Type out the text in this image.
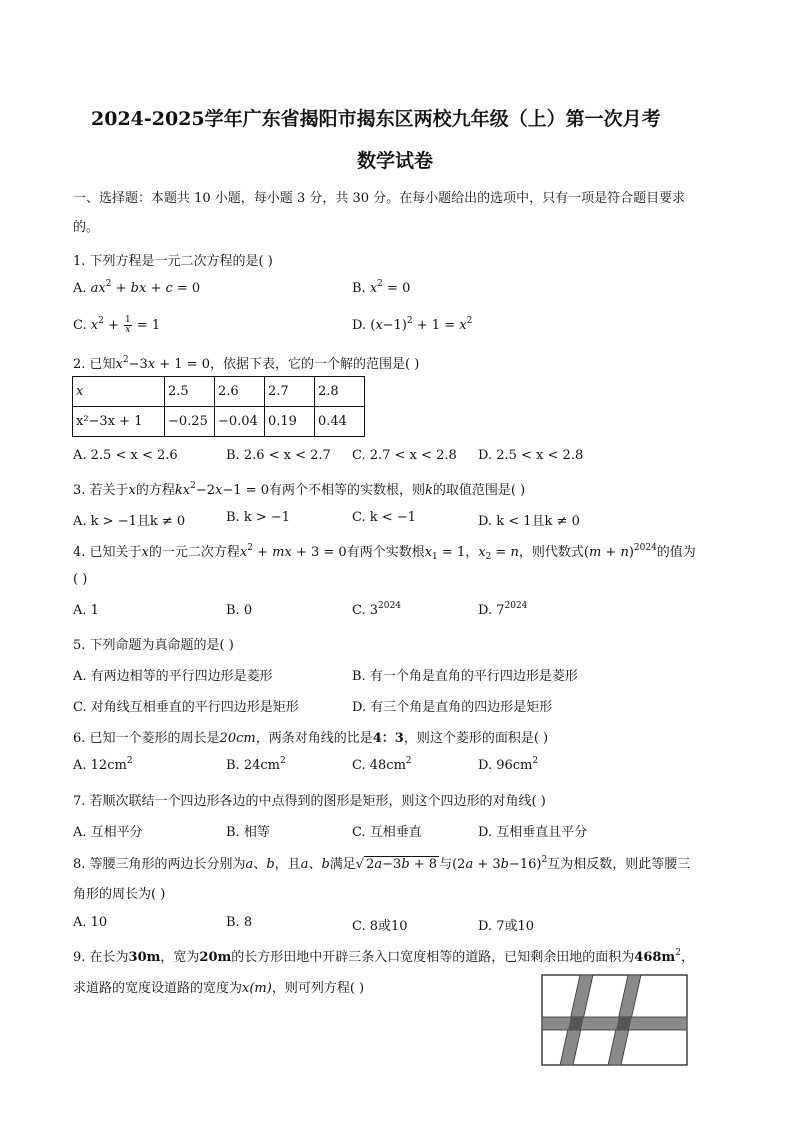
2024-2025学年广东省揭阳市揭东区两校九年级（上）第一次月考
数学试卷
一、选择题：本题共 10 小题，每小题 3 分，共 30 分。在每小题给出的选项中，只有一项是符合题目要求
的。
1. 下列方程是一元二次方程的是( )
A. $ax^2$ + bx + c = 0	B. $x^2 = 0$
C. $x^2 + \frac{1}{x} = 1$	D. $(x-1)^2 + 1 = x^2$
2. 已知$x^2-3x + 1 = 0$，依据下表，它的一个解的范围是( )
x	2.5	2.6	2.7	2.8
x²−3x + 1	−0.25	−0.04	0.19	0.44
A. 2.5 < x < 2.6	B. 2.6 < x < 2.7 C. 2.7 < x < 2.8 D. 2.5 < x < 2.8
3. 若关于x的方程$kx^2-2x-1 = 0$有两个不相等的实数根，则k的取值范围是( )
A. k > −1且k ≠ 0	B. k > −1	C. k < −1	D. k < 1且k ≠ 0
4. 已知关于x的一元二次方程$x^2$ + mx + 3 = 0有两个实数根$x_1 = 1$，$x_2 = n$，则代数式$(m + n)^{2024}$的值为
( )
A. 1	B. 0	C. $3^{2024}$	D. $7^{2024}$
5. 下列命题为真命题的是( )
A. 有两边相等的平行四边形是菱形	B. 有一个角是直角的平行四边形是菱形
C. 对角线互相垂直的平行四边形是矩形	D. 有三个角是直角的四边形是矩形
6. 已知一个菱形的周长是20cm，两条对角线的比是4：3，则这个菱形的面积是( )
A. $12cm^2$	B. $24cm^2$	C. $48cm^2$	D. $96cm^2$
7. 若顺次联结一个四边形各边的中点得到的图形是矩形，则这个四边形的对角线( )
A. 互相平分	B. 相等	C. 互相垂直	D. 互相垂直且平分
8. 等腰三角形的两边长分别为a、b，且a、b满足√ 2a−3b + 8 与$(2a + 3b-16)^2$互为相反数，则此等腰三
角形的周长为( )
A. 10	B. 8	C. 8或10	D. 7或10
9. 在长为30m，宽为20m的长方形田地中开辟三条入口宽度相等的道路，已知剩余田地的面积为$468m^2$，
求道路的宽度设道路的宽度为x(m)，则可列方程( )
